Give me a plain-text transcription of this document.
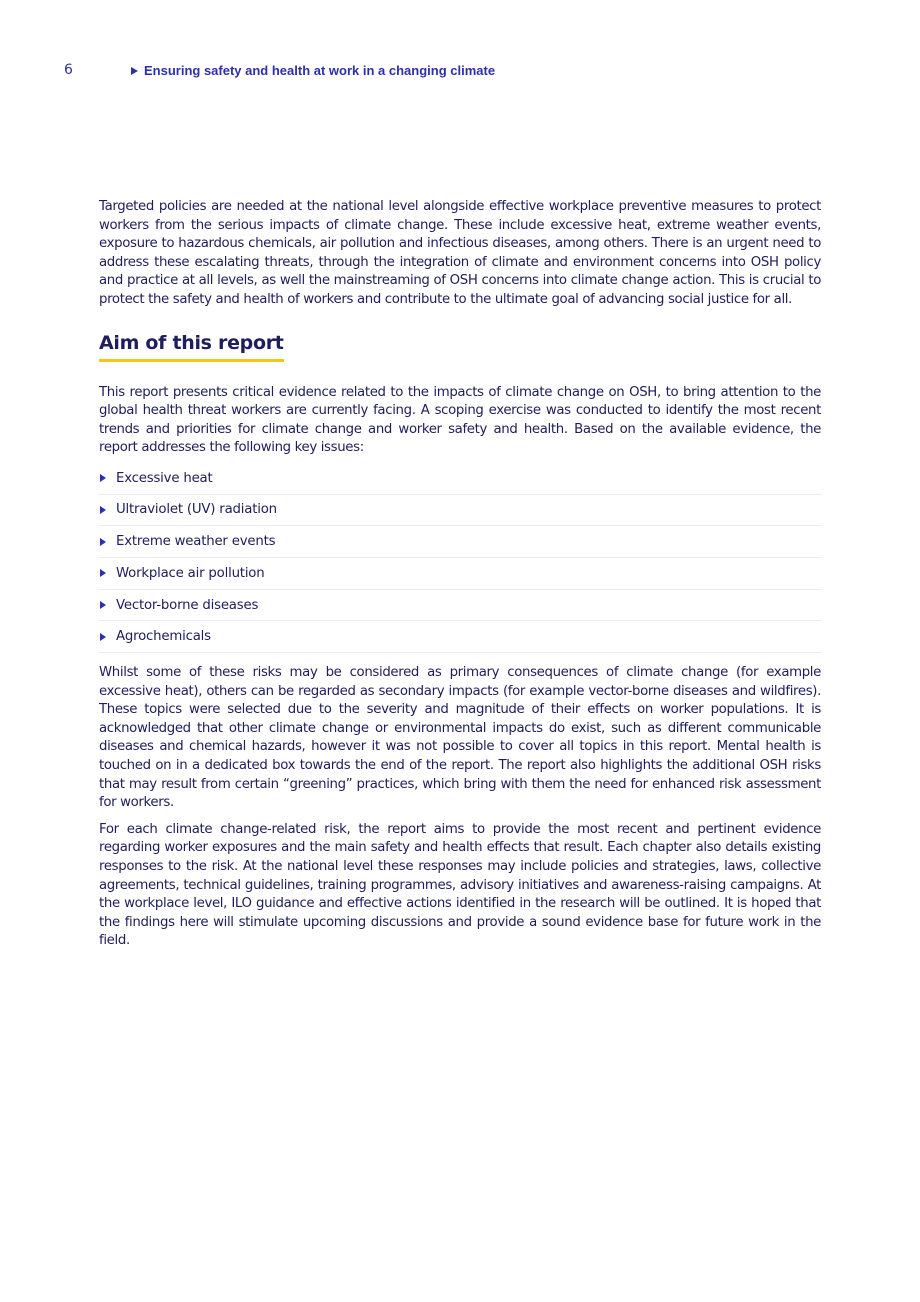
6	Ensuring safety and health at work in a changing climate

Targeted policies are needed at the national level alongside effective workplace preventive measures to protect workers from the serious impacts of climate change. These include excessive heat, extreme weather events, exposure to hazardous chemicals, air pollution and infectious diseases, among others. There is an urgent need to address these escalating threats, through the integration of climate and environment concerns into OSH policy and practice at all levels, as well the mainstreaming of OSH concerns into climate change action. This is crucial to protect the safety and health of workers and contribute to the ultimate goal of advancing social justice for all.

Aim of this report

This report presents critical evidence related to the impacts of climate change on OSH, to bring attention to the global health threat workers are currently facing. A scoping exercise was conducted to identify the most recent trends and priorities for climate change and worker safety and health. Based on the available evidence, the report addresses the following key issues:

Excessive heat
Ultraviolet (UV) radiation
Extreme weather events
Workplace air pollution
Vector-borne diseases
Agrochemicals

Whilst some of these risks may be considered as primary consequences of climate change (for example excessive heat), others can be regarded as secondary impacts (for example vector-borne diseases and wildfires). These topics were selected due to the severity and magnitude of their effects on worker populations. It is acknowledged that other climate change or environmental impacts do exist, such as different communicable diseases and chemical hazards, however it was not possible to cover all topics in this report. Mental health is touched on in a dedicated box towards the end of the report. The report also highlights the additional OSH risks that may result from certain “greening” practices, which bring with them the need for enhanced risk assessment for workers.

For each climate change-related risk, the report aims to provide the most recent and pertinent evidence regarding worker exposures and the main safety and health effects that result. Each chapter also details existing responses to the risk. At the national level these responses may include policies and strategies, laws, collective agreements, technical guidelines, training programmes, advisory initiatives and awareness-raising campaigns. At the workplace level, ILO guidance and effective actions identified in the research will be outlined. It is hoped that the findings here will stimulate upcoming discussions and provide a sound evidence base for future work in the field.
